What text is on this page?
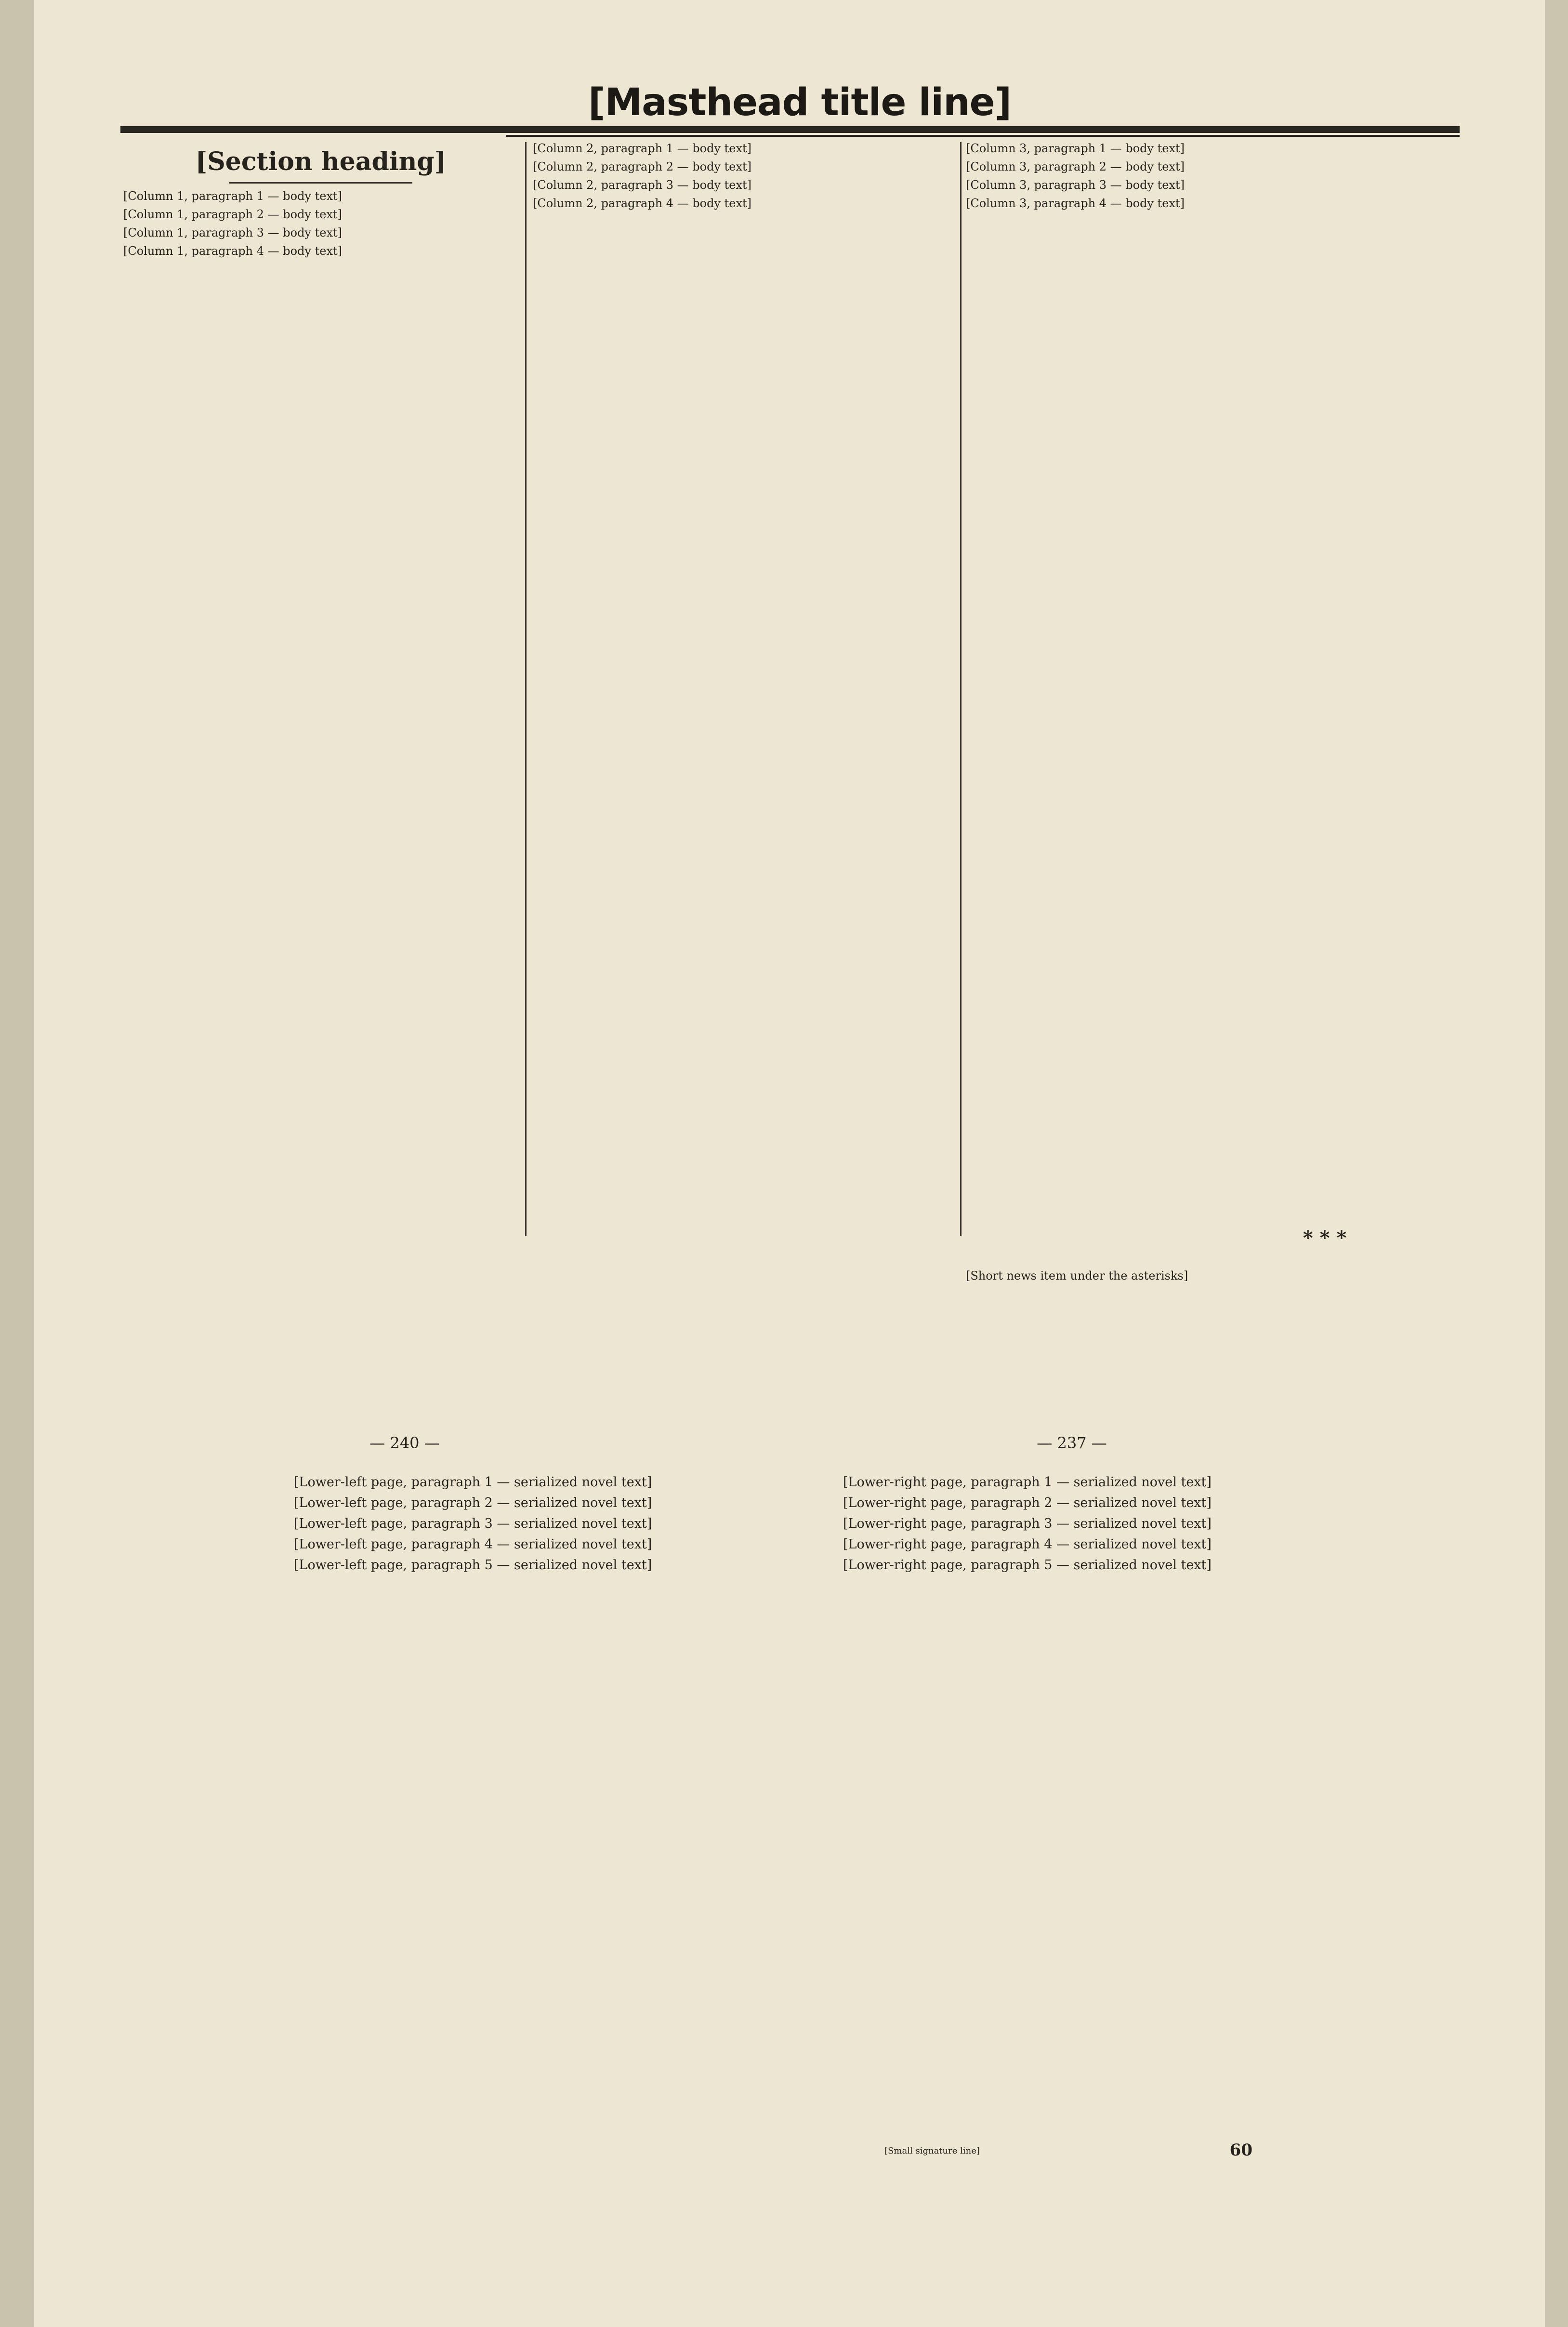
[Masthead title line]
[Section heading]

[Column 1, paragraph 1 — body text]

[Column 1, paragraph 2 — body text]

[Column 1, paragraph 3 — body text]

[Column 1, paragraph 4 — body text]

[Column 2, paragraph 1 — body text]

[Column 2, paragraph 2 — body text]

[Column 2, paragraph 3 — body text]

[Column 2, paragraph 4 — body text]

[Column 3, paragraph 1 — body text]

[Column 3, paragraph 2 — body text]

[Column 3, paragraph 3 — body text]

[Column 3, paragraph 4 — body text]

* * *
[Short news item under the asterisks]
— 240 —	— 237 —

[Lower-left page, paragraph 1 — serialized novel text]

[Lower-left page, paragraph 2 — serialized novel text]

[Lower-left page, paragraph 3 — serialized novel text]

[Lower-left page, paragraph 4 — serialized novel text]

[Lower-left page, paragraph 5 — serialized novel text]

[Lower-right page, paragraph 1 — serialized novel text]

[Lower-right page, paragraph 2 — serialized novel text]

[Lower-right page, paragraph 3 — serialized novel text]

[Lower-right page, paragraph 4 — serialized novel text]

[Lower-right page, paragraph 5 — serialized novel text]

[Small signature line]	60
